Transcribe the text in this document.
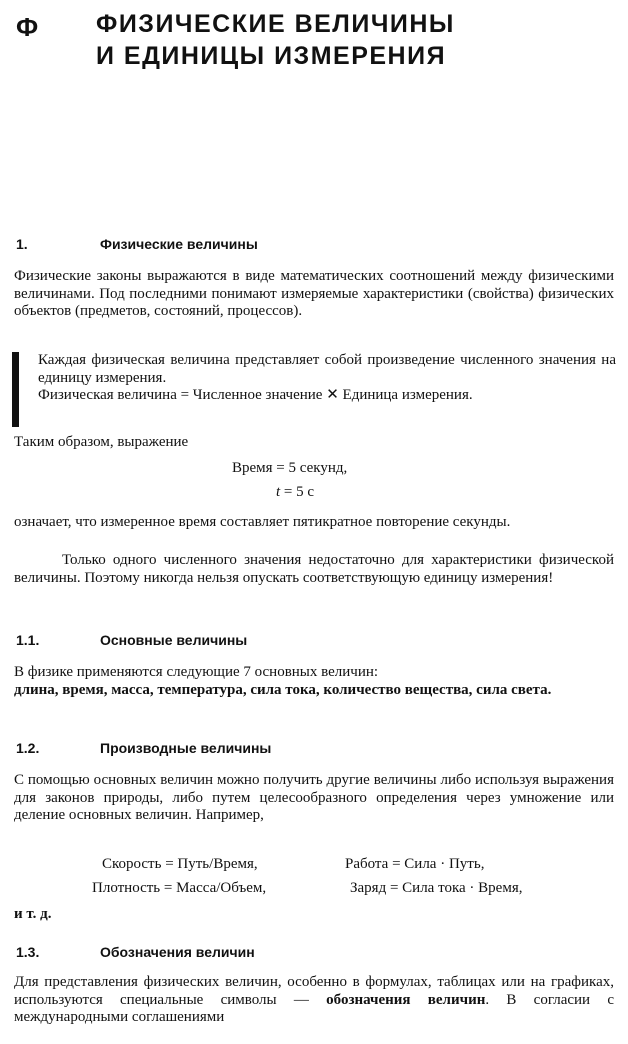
Ф ФИЗИЧЕСКИЕ ВЕЛИЧИНЫ
И ЕДИНИЦЫ ИЗМЕРЕНИЯ
1.	Физические величины
Физические законы выражаются в виде математических соотношений между физическими величинами. Под последними понимают измеряемые характеристики (свойства) физических объектов (предметов, состояний, процессов).
Каждая физическая величина представляет собой произведение численного значения на единицу измерения.
Физическая величина = Численное значение ✕ Единица измерения.
Таким образом, выражение
Время = 5 секунд,
t = 5 с
означает, что измеренное время составляет пятикратное повторение секунды.
Только одного численного значения недостаточно для характеристики физической величины. Поэтому никогда нельзя опускать соответствующую единицу измерения!
1.1.	Основные величины
В физике применяются следующие 7 основных величин:
длина, время, масса, температура, сила тока, количество вещества, сила света.
1.2.	Производные величины
С помощью основных величин можно получить другие величины либо используя выражения для законов природы, либо путем целесообразного определения через умножение или деление основных величин. Например,
Скорость = Путь/Время,	Работа = Сила · Путь,
Плотность = Масса/Объем,	Заряд = Сила тока · Время,
и т. д.
1.3.	Обозначения величин
Для представления физических величин, особенно в формулах, таблицах или на графиках, используются специальные символы — обозначения величин. В согласии с международными соглашениями
